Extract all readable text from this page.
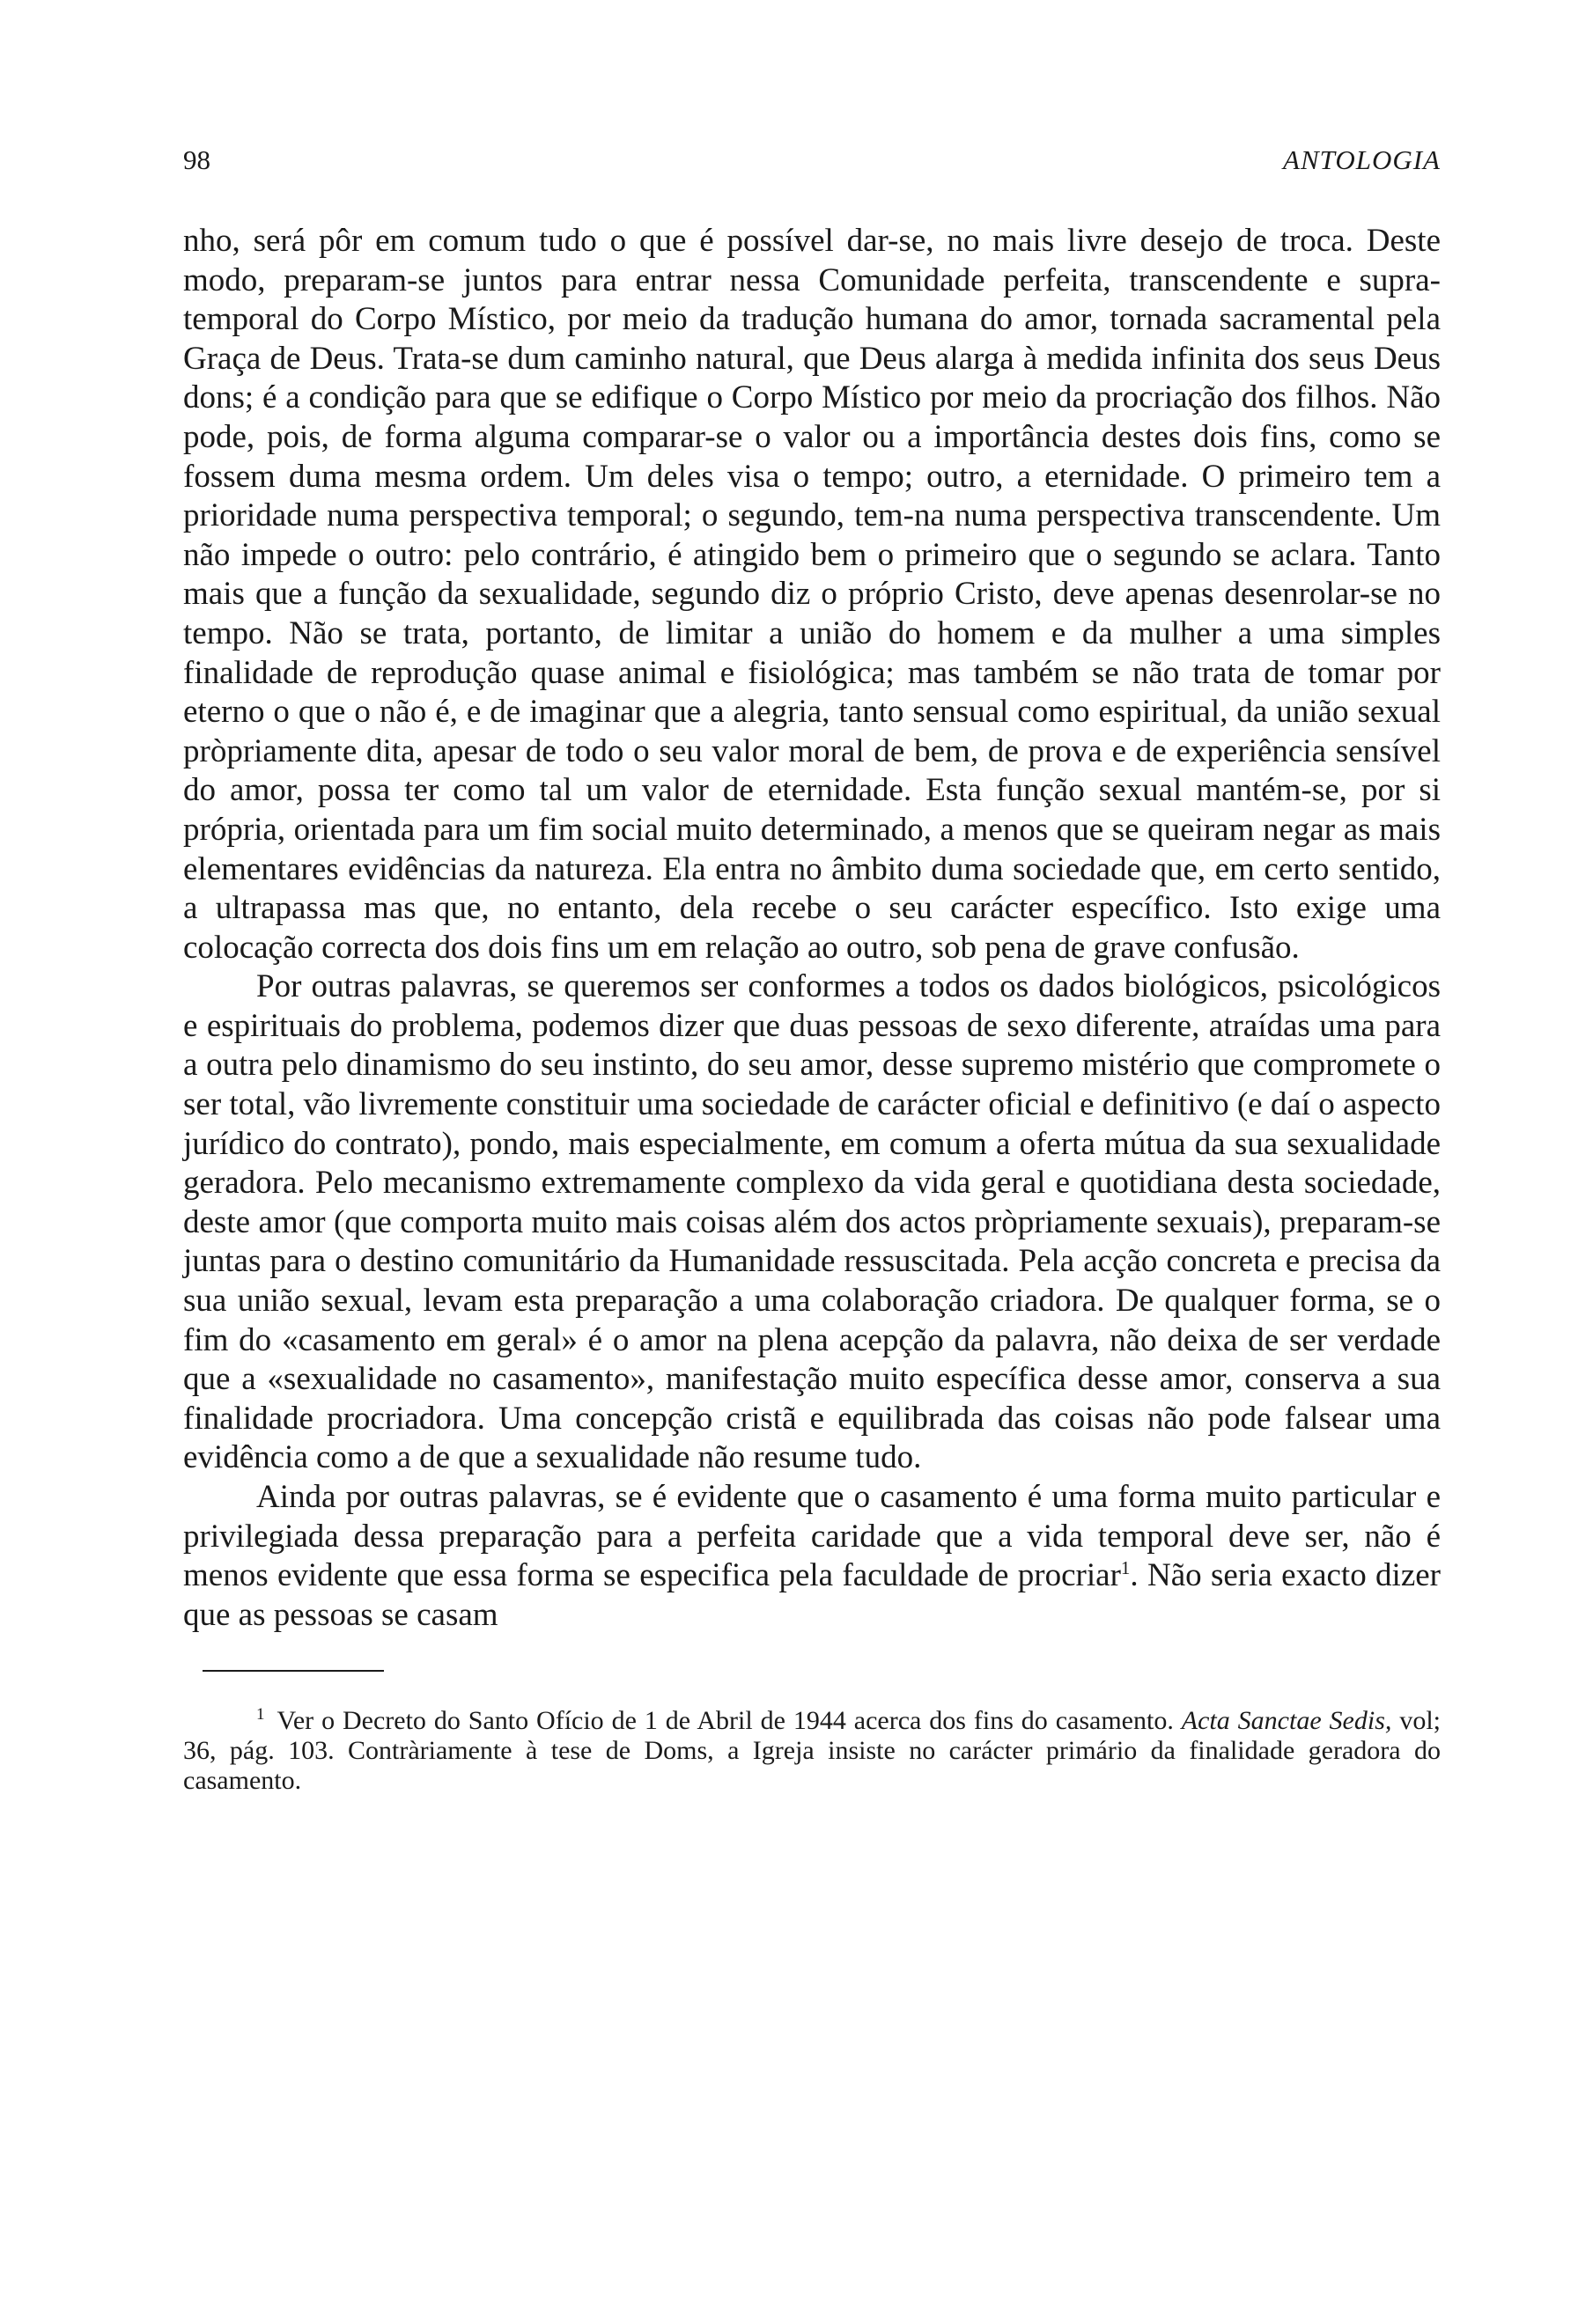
98	ANTOLOGIA

nho, será pôr em comum tudo o que é possível dar-se, no mais livre desejo de troca. Deste modo, preparam-se juntos para entrar nessa Comunidade perfeita, transcendente e supra-temporal do Corpo Místico, por meio da tradução humana do amor, tornada sacramental pela Graça de Deus. Trata-se dum caminho natural, que Deus alarga à medida infinita dos seus Deus dons; é a condição para que se edifique o Corpo Místico por meio da procriação dos filhos. Não pode, pois, de forma alguma comparar-se o valor ou a importância destes dois fins, como se fossem duma mesma ordem. Um deles visa o tempo; outro, a eternidade. O primeiro tem a prioridade numa perspectiva temporal; o segundo, tem-na numa perspectiva transcendente. Um não impede o outro: pelo contrário, é atingido bem o primeiro que o segundo se aclara. Tanto mais que a função da sexualidade, segundo diz o próprio Cristo, deve apenas desenrolar-se no tempo. Não se trata, portanto, de limitar a união do homem e da mulher a uma simples finalidade de reprodução quase animal e fisiológica; mas também se não trata de tomar por eterno o que o não é, e de imaginar que a alegria, tanto sensual como espiritual, da união sexual pròpriamente dita, apesar de todo o seu valor moral de bem, de prova e de experiência sensível do amor, possa ter como tal um valor de eternidade. Esta função sexual mantém-se, por si própria, orientada para um fim social muito determinado, a menos que se queiram negar as mais elementares evidências da natureza. Ela entra no âmbito duma sociedade que, em certo sentido, a ultrapassa mas que, no entanto, dela recebe o seu carácter específico. Isto exige uma colocação correcta dos dois fins um em relação ao outro, sob pena de grave confusão.

Por outras palavras, se queremos ser conformes a todos os dados biológicos, psicológicos e espirituais do problema, podemos dizer que duas pessoas de sexo diferente, atraídas uma para a outra pelo dinamismo do seu instinto, do seu amor, desse supremo mistério que compromete o ser total, vão livremente constituir uma sociedade de carácter oficial e definitivo (e daí o aspecto jurídico do contrato), pondo, mais especialmente, em comum a oferta mútua da sua sexualidade geradora. Pelo mecanismo extremamente complexo da vida geral e quotidiana desta sociedade, deste amor (que comporta muito mais coisas além dos actos pròpriamente sexuais), preparam-se juntas para o destino comunitário da Humanidade ressuscitada. Pela acção concreta e precisa da sua união sexual, levam esta preparação a uma colaboração criadora. De qualquer forma, se o fim do «casamento em geral» é o amor na plena acepção da palavra, não deixa de ser verdade que a «sexualidade no casamento», manifestação muito específica desse amor, conserva a sua finalidade procriadora. Uma concepção cristã e equilibrada das coisas não pode falsear uma evidência como a de que a sexualidade não resume tudo.

Ainda por outras palavras, se é evidente que o casamento é uma forma muito particular e privilegiada dessa preparação para a perfeita caridade que a vida temporal deve ser, não é menos evidente que essa forma se especifica pela faculdade de procriar$^1$. Não seria exacto dizer que as pessoas se casam

$^1$ Ver o Decreto do Santo Ofício de 1 de Abril de 1944 acerca dos fins do casamento. Acta Sanctae Sedis, vol; 36, pág. 103. Contràriamente à tese de Doms, a Igreja insiste no carácter primário da finalidade geradora do casamento.
